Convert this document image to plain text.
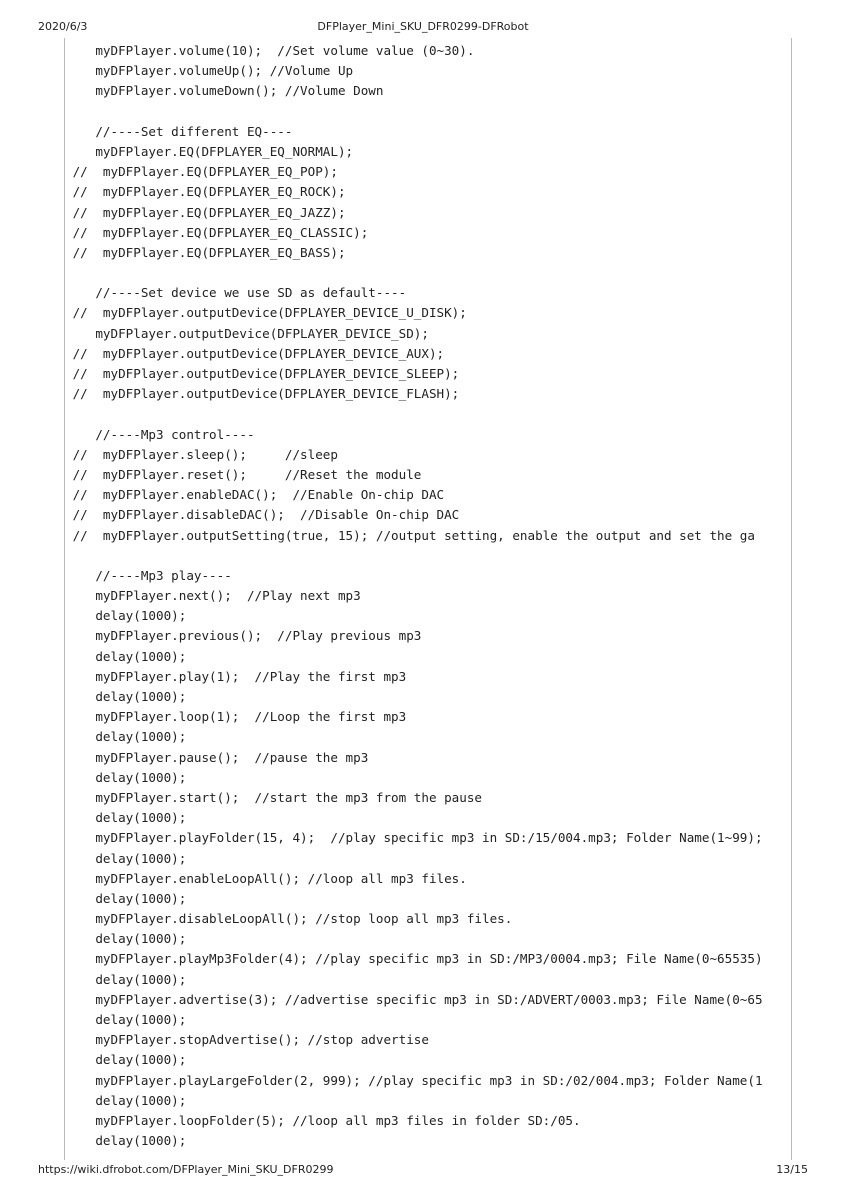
2020/6/3	DFPlayer_Mini_SKU_DFR0299-DFRobot
myDFPlayer.volume(10);  //Set volume value (0~30).
myDFPlayer.volumeUp(); //Volume Up
myDFPlayer.volumeDown(); //Volume Down
//----Set different EQ----
myDFPlayer.EQ(DFPLAYER_EQ_NORMAL);
//  myDFPlayer.EQ(DFPLAYER_EQ_POP);
//  myDFPlayer.EQ(DFPLAYER_EQ_ROCK);
//  myDFPlayer.EQ(DFPLAYER_EQ_JAZZ);
//  myDFPlayer.EQ(DFPLAYER_EQ_CLASSIC);
//  myDFPlayer.EQ(DFPLAYER_EQ_BASS);
//----Set device we use SD as default----
//  myDFPlayer.outputDevice(DFPLAYER_DEVICE_U_DISK);
myDFPlayer.outputDevice(DFPLAYER_DEVICE_SD);
//  myDFPlayer.outputDevice(DFPLAYER_DEVICE_AUX);
//  myDFPlayer.outputDevice(DFPLAYER_DEVICE_SLEEP);
//  myDFPlayer.outputDevice(DFPLAYER_DEVICE_FLASH);
//----Mp3 control----
//  myDFPlayer.sleep();     //sleep
//  myDFPlayer.reset();     //Reset the module
//  myDFPlayer.enableDAC();  //Enable On-chip DAC
//  myDFPlayer.disableDAC();  //Disable On-chip DAC
//  myDFPlayer.outputSetting(true, 15); //output setting, enable the output and set the ga
//----Mp3 play----
myDFPlayer.next();  //Play next mp3
delay(1000);
myDFPlayer.previous();  //Play previous mp3
delay(1000);
myDFPlayer.play(1);  //Play the first mp3
delay(1000);
myDFPlayer.loop(1);  //Loop the first mp3
delay(1000);
myDFPlayer.pause();  //pause the mp3
delay(1000);
myDFPlayer.start();  //start the mp3 from the pause
delay(1000);
myDFPlayer.playFolder(15, 4);  //play specific mp3 in SD:/15/004.mp3; Folder Name(1~99);
delay(1000);
myDFPlayer.enableLoopAll(); //loop all mp3 files.
delay(1000);
myDFPlayer.disableLoopAll(); //stop loop all mp3 files.
delay(1000);
myDFPlayer.playMp3Folder(4); //play specific mp3 in SD:/MP3/0004.mp3; File Name(0~65535)
delay(1000);
myDFPlayer.advertise(3); //advertise specific mp3 in SD:/ADVERT/0003.mp3; File Name(0~65
delay(1000);
myDFPlayer.stopAdvertise(); //stop advertise
delay(1000);
myDFPlayer.playLargeFolder(2, 999); //play specific mp3 in SD:/02/004.mp3; Folder Name(1
delay(1000);
myDFPlayer.loopFolder(5); //loop all mp3 files in folder SD:/05.
delay(1000);
https://wiki.dfrobot.com/DFPlayer_Mini_SKU_DFR0299	13/15
